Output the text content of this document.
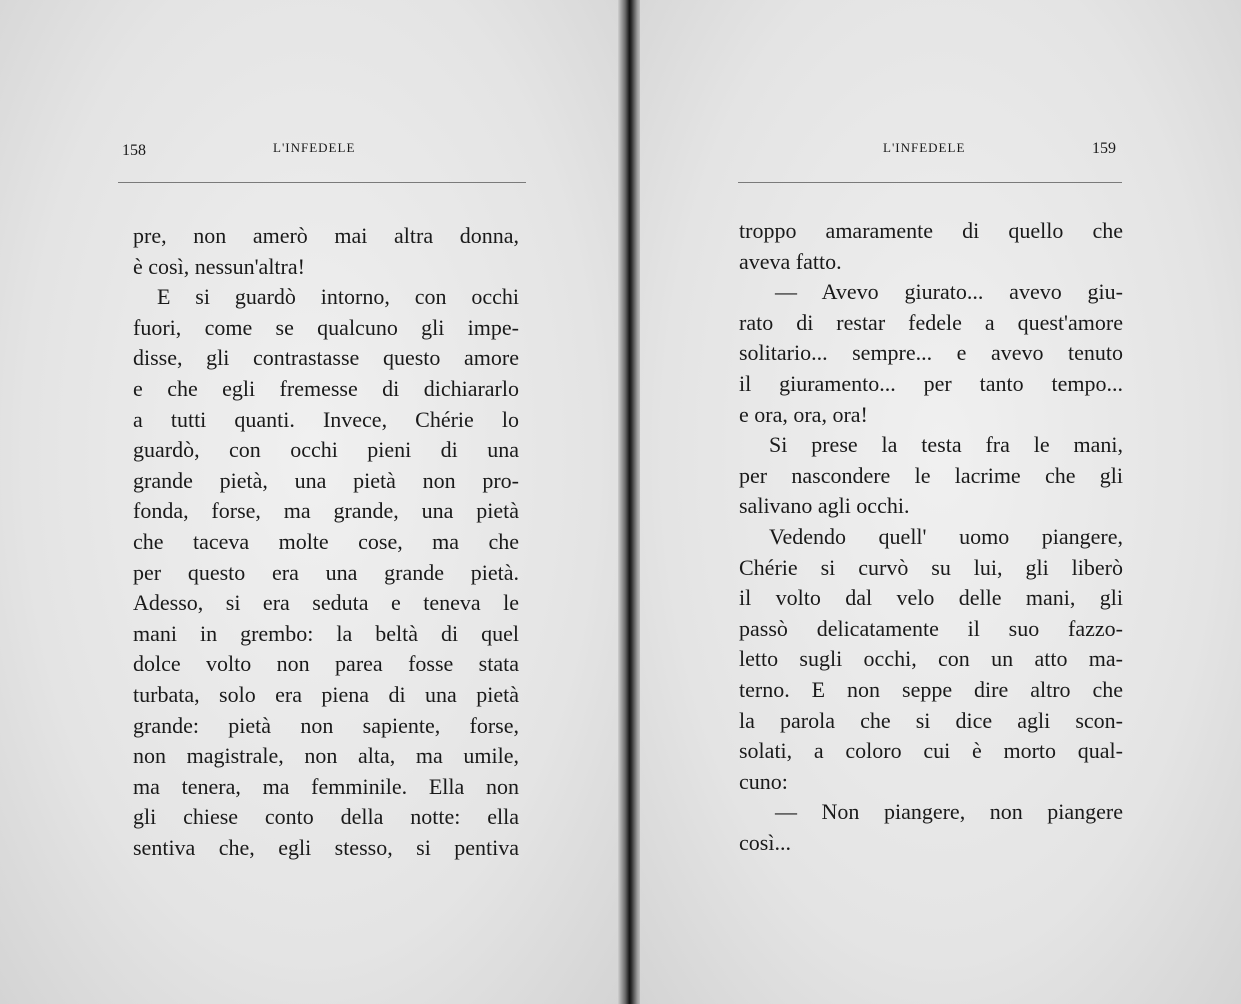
158	L'INFEDELE
pre, non amerò mai altra donna,
è così, nessun'altra!
E si guardò intorno, con occhi
fuori, come se qualcuno gli impe-
disse, gli contrastasse questo amore
e che egli fremesse di dichiararlo
a tutti quanti. Invece, Chérie lo
guardò, con occhi pieni di una
grande pietà, una pietà non pro-
fonda, forse, ma grande, una pietà
che taceva molte cose, ma che
per questo era una grande pietà.
Adesso, si era seduta e teneva le
mani in grembo: la beltà di quel
dolce volto non parea fosse stata
turbata, solo era piena di una pietà
grande: pietà non sapiente, forse,
non magistrale, non alta, ma umile,
ma tenera, ma femminile. Ella non
gli chiese conto della notte: ella
sentiva che, egli stesso, si pentiva
L'INFEDELE	159
troppo amaramente di quello che
aveva fatto.
— Avevo giurato... avevo giu-
rato di restar fedele a quest'amore
solitario... sempre... e avevo tenuto
il giuramento... per tanto tempo...
e ora, ora, ora!
Si prese la testa fra le mani,
per nascondere le lacrime che gli
salivano agli occhi.
Vedendo quell' uomo piangere,
Chérie si curvò su lui, gli liberò
il volto dal velo delle mani, gli
passò delicatamente il suo fazzo-
letto sugli occhi, con un atto ma-
terno. E non seppe dire altro che
la parola che si dice agli scon-
solati, a coloro cui è morto qual-
cuno:
— Non piangere, non piangere
così...
